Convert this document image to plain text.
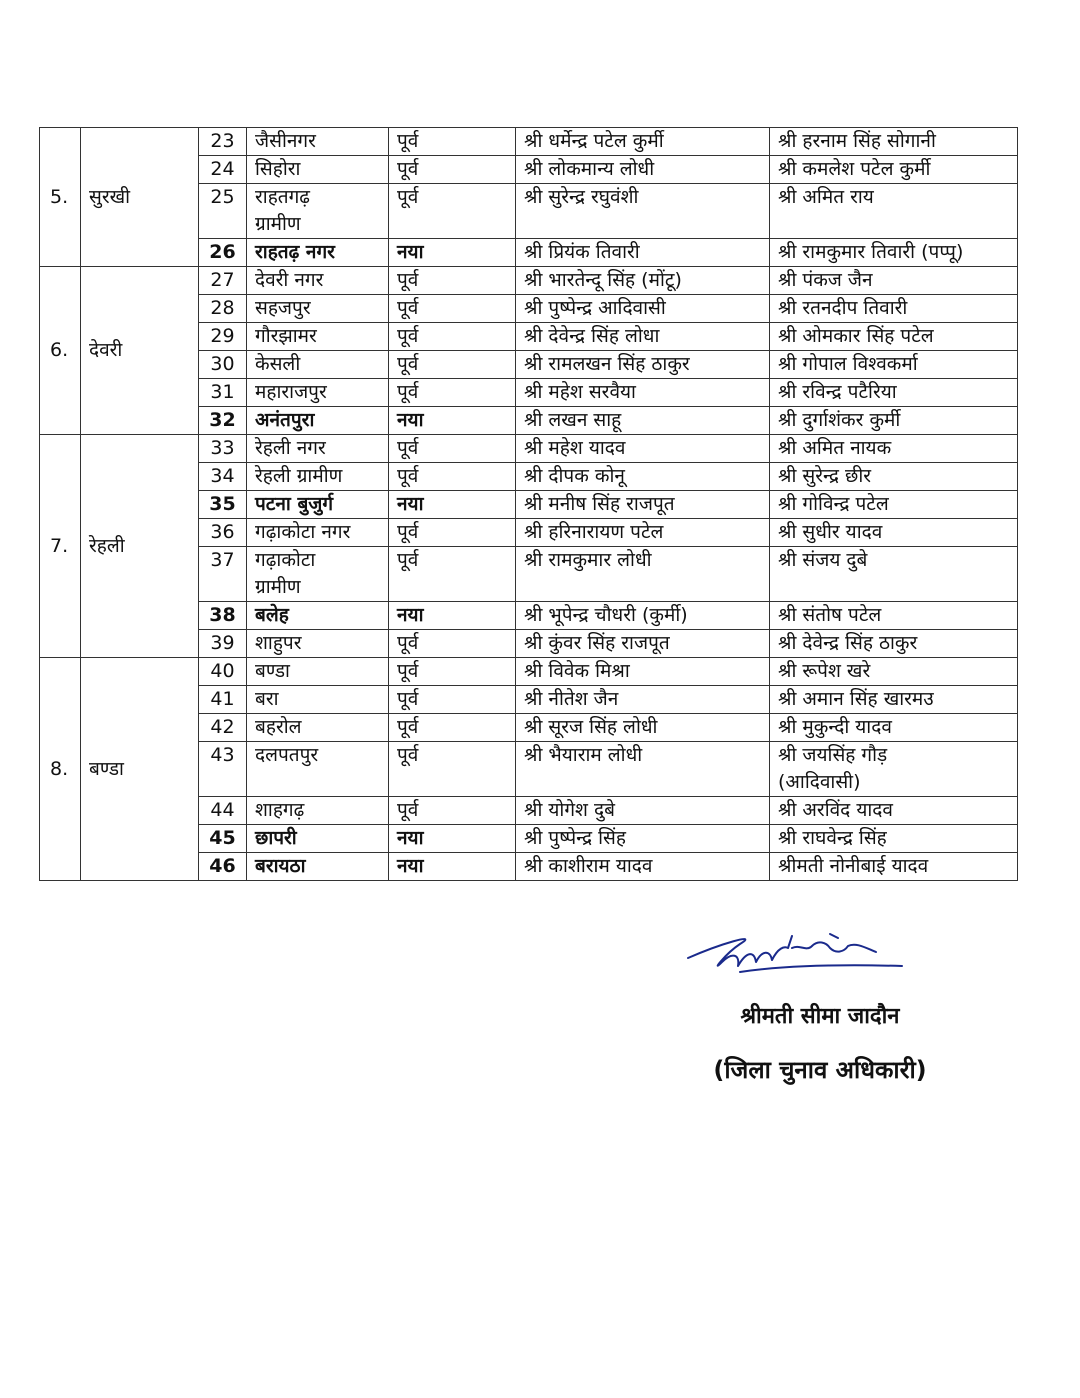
5.	सुरखी	23	जैसीनगर	पूर्व	श्री धर्मेन्द्र पटेल कुर्मी	श्री हरनाम सिंह सोगानी
		24	सिहोरा	पूर्व	श्री लोकमान्य लोधी	श्री कमलेश पटेल कुर्मी
		25	राहतगढ़
ग्रामीण	पूर्व	श्री सुरेन्द्र रघुवंशी	श्री अमित राय
		26	राहतढ़ नगर	नया	श्री प्रियंक तिवारी	श्री रामकुमार तिवारी (पप्पू)
6.	देवरी	27	देवरी नगर	पूर्व	श्री भारतेन्दू सिंह (मोंटू)	श्री पंकज जैन
		28	सहजपुर	पूर्व	श्री पुष्पेन्द्र आदिवासी	श्री रतनदीप तिवारी
		29	गौरझामर	पूर्व	श्री देवेन्द्र सिंह लोधा	श्री ओमकार सिंह पटेल
		30	केसली	पूर्व	श्री रामलखन सिंह ठाकुर	श्री गोपाल विश्वकर्मा
		31	महाराजपुर	पूर्व	श्री महेश सरवैया	श्री रविन्द्र पटैरिया
		32	अनंतपुरा	नया	श्री लखन साहू	श्री दुर्गाशंकर कुर्मी
7.	रेहली	33	रेहली नगर	पूर्व	श्री महेश यादव	श्री अमित नायक
		34	रेहली ग्रामीण	पूर्व	श्री दीपक कोनू	श्री सुरेन्द्र छीर
		35	पटना बुजुर्ग	नया	श्री मनीष सिंह राजपूत	श्री गोविन्द्र पटेल
		36	गढ़ाकोटा नगर	पूर्व	श्री हरिनारायण पटेल	श्री सुधीर यादव
		37	गढ़ाकोटा
ग्रामीण	पूर्व	श्री रामकुमार लोधी	श्री संजय दुबे
		38	बलेह	नया	श्री भूपेन्द्र चौधरी (कुर्मी)	श्री संतोष पटेल
		39	शाहुपर	पूर्व	श्री कुंवर सिंह राजपूत	श्री देवेन्द्र सिंह ठाकुर
8.	बण्डा	40	बण्डा	पूर्व	श्री विवेक मिश्रा	श्री रूपेश खरे
		41	बरा	पूर्व	श्री नीतेश जैन	श्री अमान सिंह खारमउ
		42	बहरोल	पूर्व	श्री सूरज सिंह लोधी	श्री मुकुन्दी यादव
		43	दलपतपुर	पूर्व	श्री भैयाराम लोधी	श्री जयसिंह गौड़
(आदिवासी)
		44	शाहगढ़	पूर्व	श्री योगेश दुबे	श्री अरविंद यादव
		45	छापरी	नया	श्री पुष्पेन्द्र सिंह	श्री राघवेन्द्र सिंह
		46	बरायठा	नया	श्री काशीराम यादव	श्रीमती नोनीबाई यादव

श्रीमती सीमा जादौन

(जिला चुनाव अधिकारी)
